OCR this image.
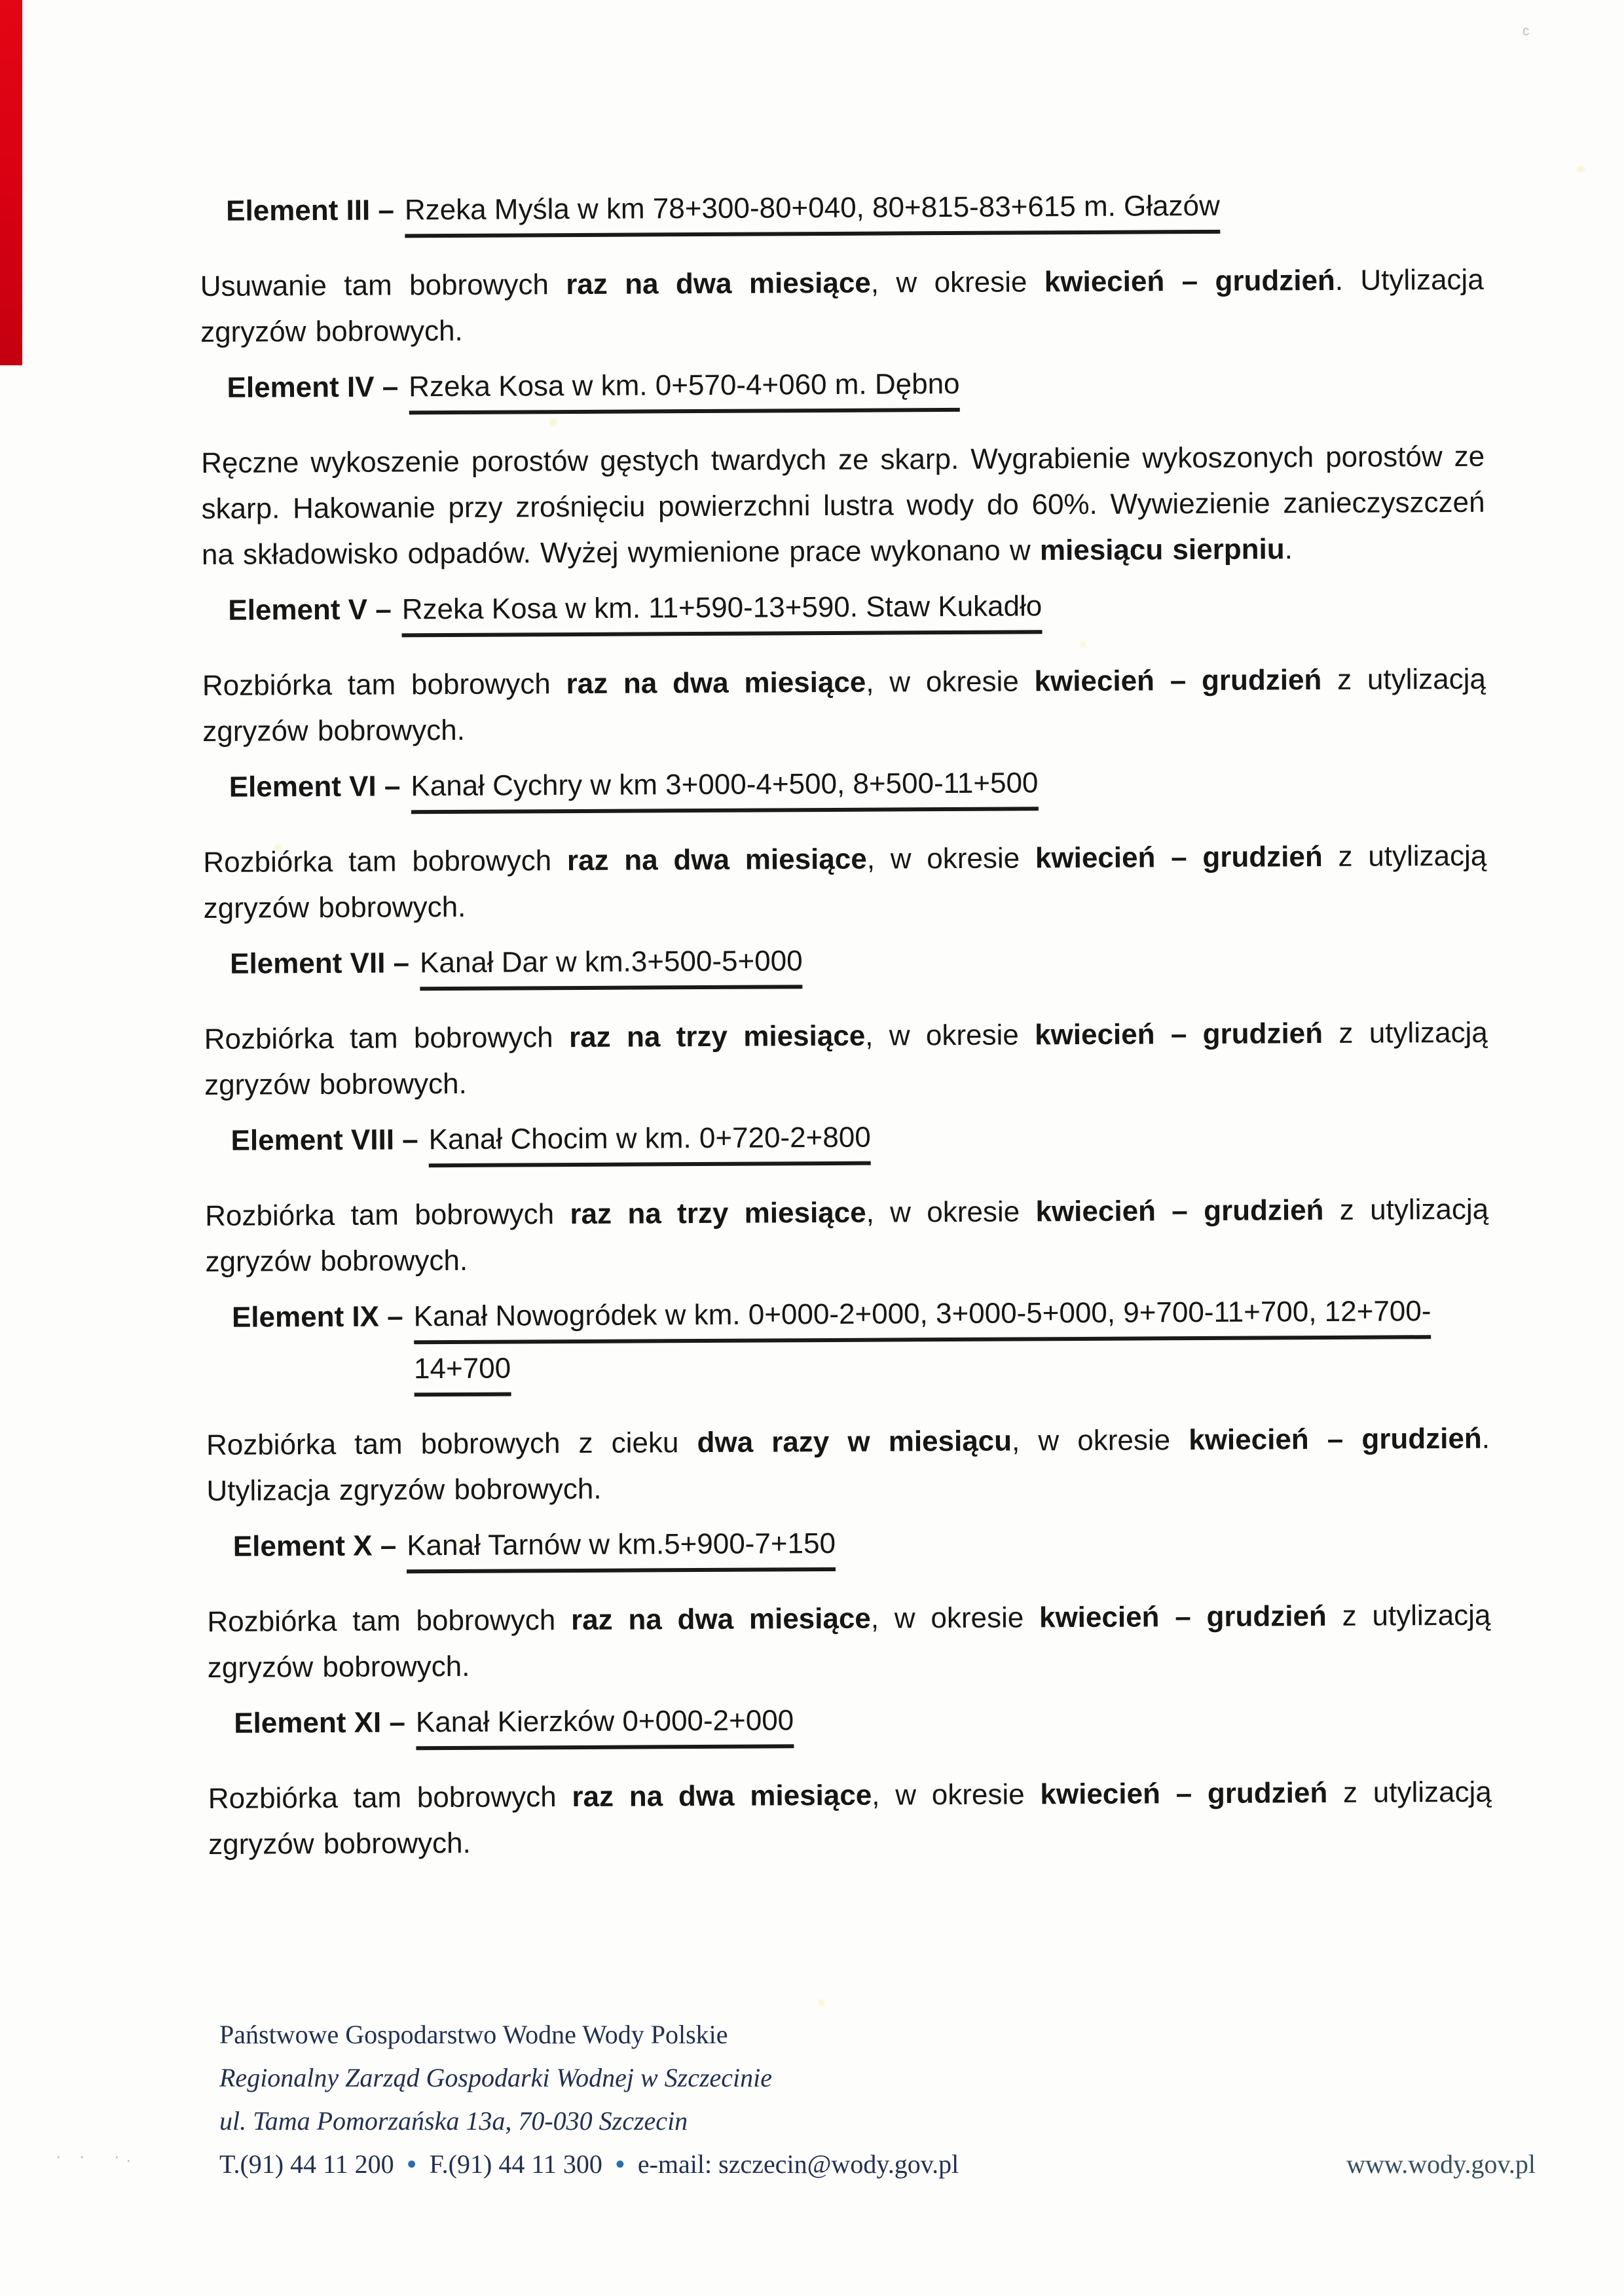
ᶜ
· ·  ·.
Element III – Rzeka Myśla w km 78+300-80+040, 80+815-83+615 m. Głazów

Usuwanie tam bobrowych raz na dwa miesiące, w okresie kwiecień – grudzień. Utylizacja zgryzów bobrowych.

Element IV – Rzeka Kosa w km. 0+570-4+060 m. Dębno

Ręczne wykoszenie porostów gęstych twardych ze skarp. Wygrabienie wykoszonych porostów ze skarp. Hakowanie przy zrośnięciu powierzchni lustra wody do 60%. Wywiezienie zanieczyszczeń na składowisko odpadów. Wyżej wymienione prace wykonano w miesiącu sierpniu.

Element V – Rzeka Kosa w km. 11+590-13+590. Staw Kukadło

Rozbiórka tam bobrowych raz na dwa miesiące, w okresie kwiecień – grudzień z utylizacją zgryzów bobrowych.

Element VI – Kanał Cychry w km 3+000-4+500, 8+500-11+500

Rozbiórka tam bobrowych raz na dwa miesiące, w okresie kwiecień – grudzień z utylizacją zgryzów bobrowych.

Element VII – Kanał Dar w km.3+500-5+000

Rozbiórka tam bobrowych raz na trzy miesiące, w okresie kwiecień – grudzień z utylizacją zgryzów bobrowych.

Element VIII – Kanał Chocim w km. 0+720-2+800

Rozbiórka tam bobrowych raz na trzy miesiące, w okresie kwiecień – grudzień z utylizacją zgryzów bobrowych.

Element IX – Kanał Nowogródek w km. 0+000-2+000, 3+000-5+000, 9+700-11+700, 12+700-
14+700

Rozbiórka tam bobrowych z cieku dwa razy w miesiącu, w okresie kwiecień – grudzień. Utylizacja zgryzów bobrowych.

Element X – Kanał Tarnów w km.5+900-7+150

Rozbiórka tam bobrowych raz na dwa miesiące, w okresie kwiecień – grudzień z utylizacją zgryzów bobrowych.

Element XI – Kanał Kierzków 0+000-2+000

Rozbiórka tam bobrowych raz na dwa miesiące, w okresie kwiecień – grudzień z utylizacją zgryzów bobrowych.

Państwowe Gospodarstwo Wodne Wody Polskie
Regionalny Zarząd Gospodarki Wodnej w Szczecinie
ul. Tama Pomorzańska 13a, 70-030 Szczecin
T.(91) 44 11 200 • F.(91) 44 11 300 • e-mail: szczecin@wody.gov.pl	www.wody.gov.pl
